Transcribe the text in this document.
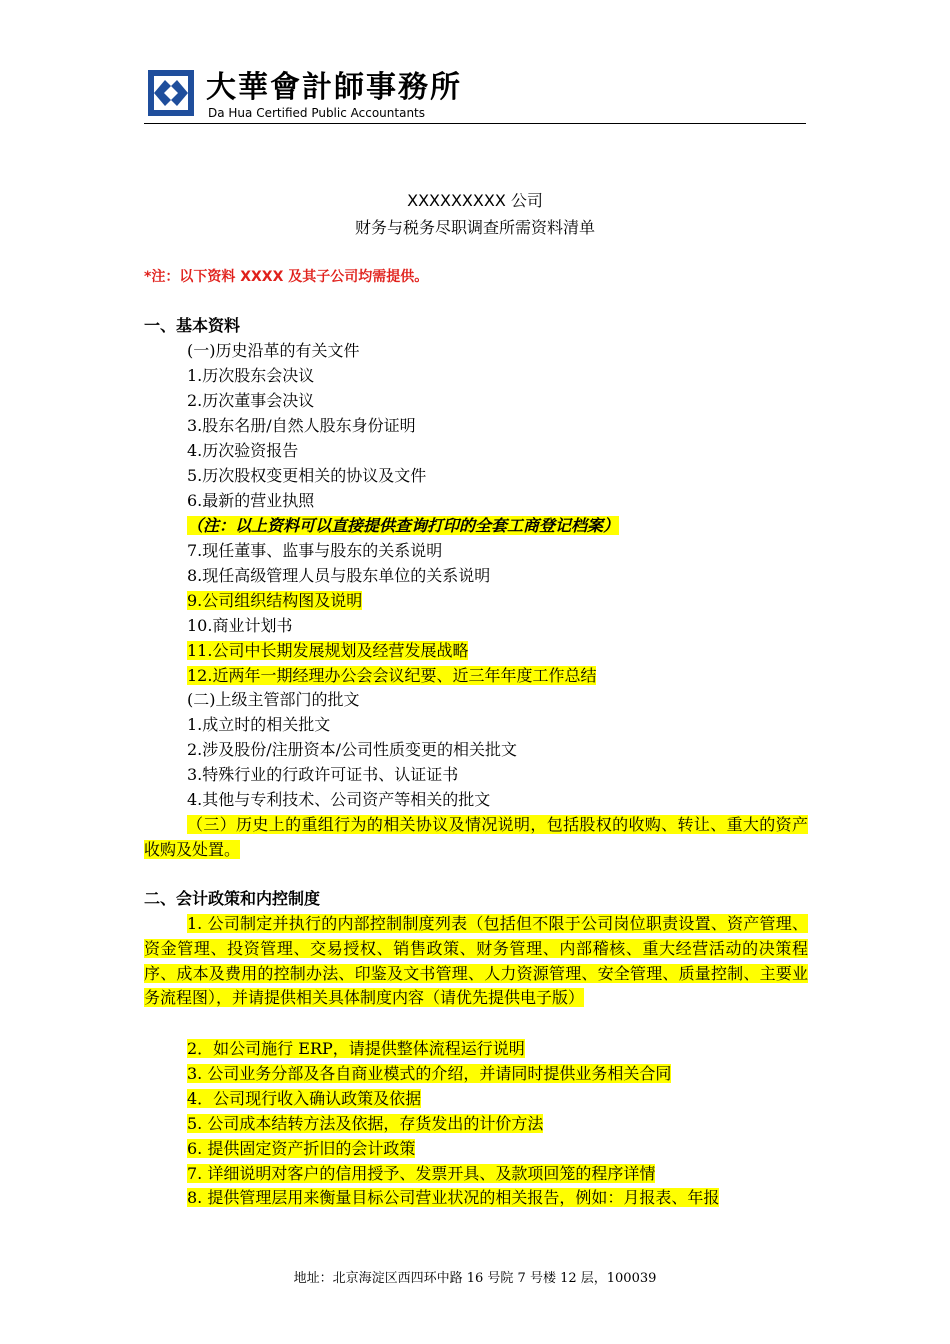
大華會計師事務所
Da Hua Certified Public Accountants
XXXXXXXXX 公司
财务与税务尽职调查所需资料清单
*注：以下资料 XXXX 及其子公司均需提供。
一、基本资料
(一)历史沿革的有关文件
1.历次股东会决议
2.历次董事会决议
3.股东名册/自然人股东身份证明
4.历次验资报告
5.历次股权变更相关的协议及文件
6.最新的营业执照
（注：以上资料可以直接提供查询打印的全套工商登记档案）
7.现任董事、监事与股东的关系说明
8.现任高级管理人员与股东单位的关系说明
9.公司组织结构图及说明
10.商业计划书
11.公司中长期发展规划及经营发展战略
12.近两年一期经理办公会会议纪要、近三年年度工作总结
(二)上级主管部门的批文
1.成立时的相关批文
2.涉及股份/注册资本/公司性质变更的相关批文
3.特殊行业的行政许可证书、认证证书
4.其他与专利技术、公司资产等相关的批文
（三）历史上的重组行为的相关协议及情况说明，包括股权的收购、转让、重大的资产收购及处置。
二、会计政策和内控制度
1. 公司制定并执行的内部控制制度列表（包括但不限于公司岗位职责设置、资产管理、资金管理、投资管理、交易授权、销售政策、财务管理、内部稽核、重大经营活动的决策程序、成本及费用的控制办法、印鉴及文书管理、人力资源管理、安全管理、质量控制、主要业务流程图），并请提供相关具体制度内容（请优先提供电子版）
2．如公司施行 ERP，请提供整体流程运行说明
3. 公司业务分部及各自商业模式的介绍，并请同时提供业务相关合同
4．公司现行收入确认政策及依据
5. 公司成本结转方法及依据，存货发出的计价方法
6. 提供固定资产折旧的会计政策
7. 详细说明对客户的信用授予、发票开具、及款项回笼的程序详情
8. 提供管理层用来衡量目标公司营业状况的相关报告，例如：月报表、年报
地址：北京海淀区西四环中路 16 号院 7 号楼 12 层，100039
